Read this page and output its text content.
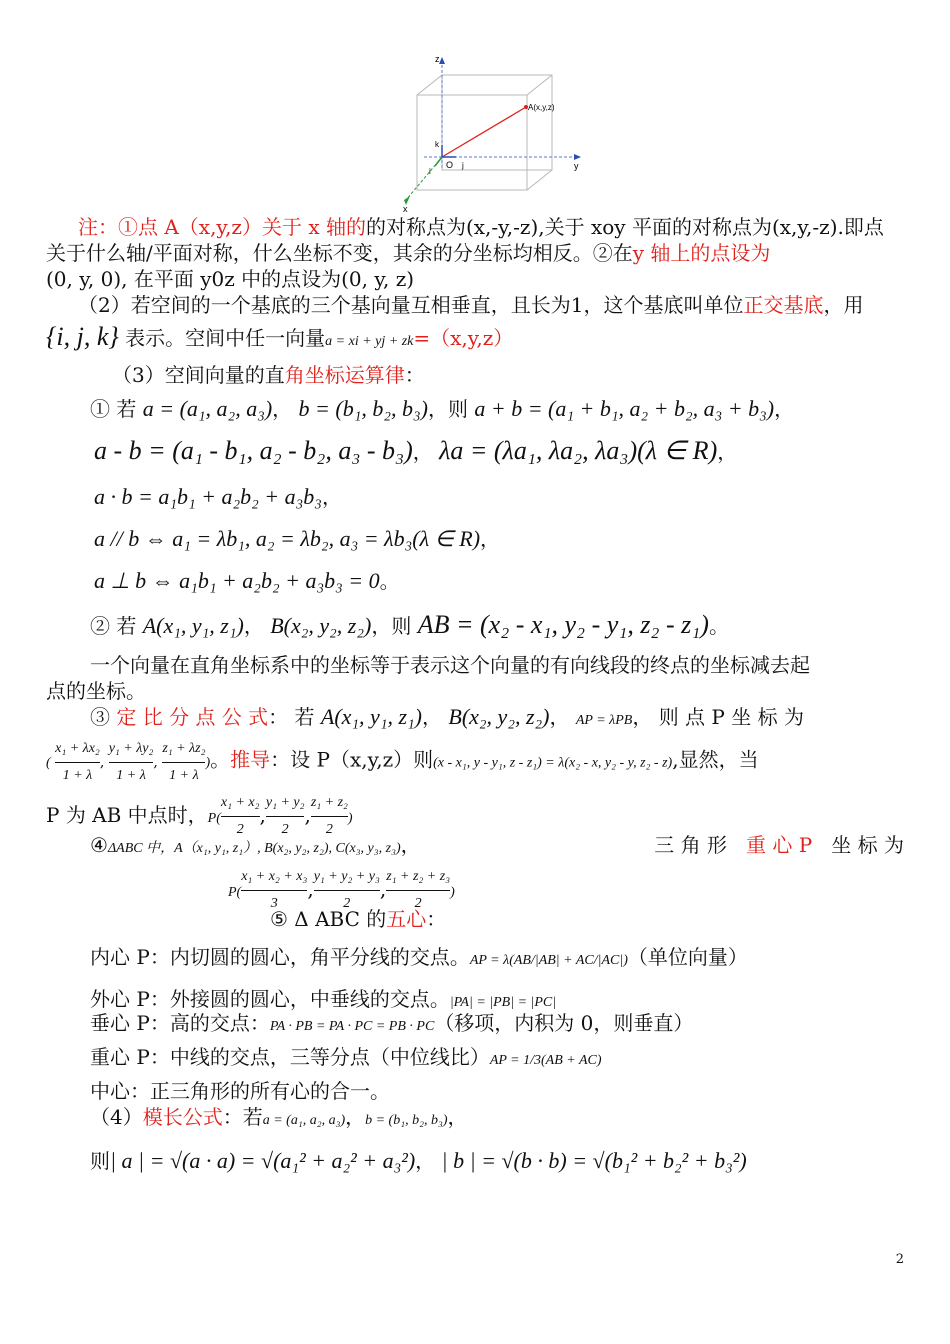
z
y
x
A(x,y,z)
O
k
i
j
注：①点 A（x,y,z）关于 x 轴的的对称点为(x,-y,-z),关于 xoy 平面的对称点为(x,y,-z).即点
关于什么轴/平面对称，什么坐标不变，其余的分坐标均相反。②在y 轴上的点设为
(0, y, 0), 在平面 y0z 中的点设为(0, y, z)
（2）若空间的一个基底的三个基向量互相垂直，且长为1，这个基底叫单位正交基底，用
{i, j, k} 表示。空间中任一向量a = xi + yj + zk=（x,y,z）
（3）空间向量的直角坐标运算律：
① 若 a = (a₁, a₂, a₃)， b = (b₁, b₂, b₃)，则 a + b = (a₁ + b₁, a₂ + b₂, a₃ + b₃)，
a - b = (a₁ - b₁, a₂ - b₂, a₃ - b₃)， λa = (λa₁, λa₂, λa₃)(λ ∈ R)，
a · b = a₁b₁ + a₂b₂ + a₃b₃，
a // b ⇔ a₁ = λb₁, a₂ = λb₂, a₃ = λb₃(λ ∈ R)，
a ⊥ b ⇔ a₁b₁ + a₂b₂ + a₃b₃ = 0。
② 若 A(x₁, y₁, z₁)， B(x₂, y₂, z₂)，则 AB = (x₂ - x₁, y₂ - y₁, z₂ - z₁)。
一个向量在直角坐标系中的坐标等于表示这个向量的有向线段的终点的坐标减去起
点的坐标。
③ 定 比 分 点 公 式： 若 A(x₁, y₁, z₁)， B(x₂, y₂, z₂)， AP = λPB， 则 点 P 坐 标 为
( $\frac{\text{x₁ + λx₂}}{1 + \lambda}$ , $\frac{\text{y₁ + λy₂}}{1 + \lambda}$ , $\frac{\text{z₁ + λz₂}}{1 + \lambda}$ )。推导：设 P（x,y,z）则(x - x₁, y - y₁, z - z₁) = λ(x₂ - x, y₂ - y, z₂ - z),显然，当
P 为 AB 中点时，$P( \frac{\text{x₁ + x₂}}{2}$ , $\frac{\text{y₁ + y₂}}{2}$ , $\frac{\text{z₁ + z₂}}{2}$ )
④ΔABC 中，A（x₁, y₁, z₁）, B(x₂, y₂, z₂), C(x₃, y₃, z₃)，	三 角 形 重 心 P 坐 标 为
$P( \frac{\text{x₁ + x₂ + x₃}}{3}$ , $\frac{\text{y₁ + y₂ + y₃}}{2}$ , $\frac{\text{z₁ + z₂ + z₃}}{2}$ )
⑤ Δ ABC 的五心：
内心 P：内切圆的圆心，角平分线的交点。AP = λ(AB/|AB| + AC/|AC|)（单位向量）
外心 P：外接圆的圆心，中垂线的交点。|PA| = |PB| = |PC|
垂心 P：高的交点：PA · PB = PA · PC = PB · PC（移项，内积为 0，则垂直）
重心 P：中线的交点，三等分点（中位线比）AP = 1/3(AB + AC)
中心：正三角形的所有心的合一。
（4）模长公式：若a = (a₁, a₂, a₃)，b = (b₁, b₂, b₃)，
则| a | = √(a · a) = √(a₁² + a₂² + a₃²)， | b | = √(b · b) = √(b₁² + b₂² + b₃²)
2
